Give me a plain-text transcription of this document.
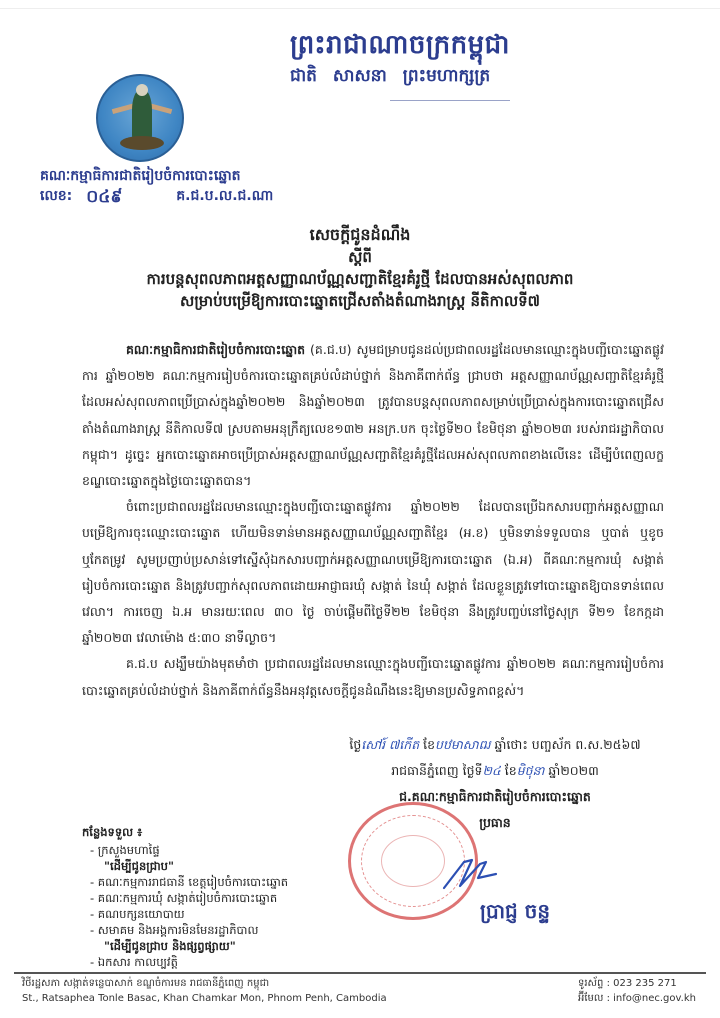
ព្រះរាជាណាចក្រកម្ពុជា
ជាតិ សាសនា ព្រះមហាក្សត្រ
គណៈកម្មាធិការជាតិរៀបចំការបោះឆ្នោត
លេខ: ០៤៩	គ.ជ.ប.ល.ជ.ណា
សេចក្តីជូនដំណឹង
ស្តីពី
ការបន្តសុពលភាពអត្តសញ្ញាណប័ណ្ណសញ្ជាតិខ្មែរគំរូថ្មី ដែលបានអស់សុពលភាព
សម្រាប់បម្រើឱ្យការបោះឆ្នោតជ្រើសតាំងតំណាងរាស្ត្រ នីតិកាលទី៧

គណៈកម្មាធិការជាតិរៀបចំការបោះឆ្នោត (គ.ជ.ប) សូមជម្រាបជូនដល់ប្រជាពលរដ្ឋដែលមានឈ្មោះក្នុងបញ្ជីបោះឆ្នោតផ្លូវការ ឆ្នាំ២០២២ គណៈកម្មការរៀបចំការបោះឆ្នោតគ្រប់លំដាប់ថ្នាក់ និងភាគីពាក់ព័ន្ធ ជ្រាបថា អត្តសញ្ញាណប័ណ្ណសញ្ជាតិខ្មែរគំរូថ្មី ដែលអស់សុពលភាពប្រើប្រាស់ក្នុងឆ្នាំ២០២២ និងឆ្នាំ២០២៣ ត្រូវបានបន្តសុពលភាពសម្រាប់ប្រើប្រាស់ក្នុងការបោះឆ្នោតជ្រើសតាំងតំណាងរាស្ត្រ នីតិកាលទី៧ ស្របតាមអនុក្រឹត្យលេខ១៣២ អនក្រ.បក ចុះថ្ងៃទី២០ ខែមិថុនា ឆ្នាំ២០២៣ របស់រាជរដ្ឋាភិបាលកម្ពុជា។ ដូច្នេះ អ្នកបោះឆ្នោតអាចប្រើប្រាស់អត្តសញ្ញាណប័ណ្ណសញ្ជាតិខ្មែរគំរូថ្មីដែលអស់សុពលភាពខាងលើនេះ ដើម្បីបំពេញលក្ខខណ្ឌបោះឆ្នោតក្នុងថ្ងៃបោះឆ្នោតបាន។

ចំពោះប្រជាពលរដ្ឋដែលមានឈ្មោះក្នុងបញ្ជីបោះឆ្នោតផ្លូវការ ឆ្នាំ២០២២ ដែលបានប្រើឯកសារបញ្ជាក់អត្តសញ្ញាណបម្រើឱ្យការចុះឈ្មោះបោះឆ្នោត ហើយមិនទាន់មានអត្តសញ្ញាណប័ណ្ណសញ្ជាតិខ្មែរ (អ.ខ) ឬមិនទាន់ទទួលបាន ឬបាត់ ឬខូច ឬកែតម្រូវ សូមប្រញាប់ប្រសាន់ទៅស្នើសុំឯកសារបញ្ជាក់អត្តសញ្ញាណបម្រើឱ្យការបោះឆ្នោត (ឯ.អ) ពីគណៈកម្មការឃុំ សង្កាត់រៀបចំការបោះឆ្នោត និងត្រូវបញ្ជាក់សុពលភាពដោយអាជ្ញាធរឃុំ សង្កាត់ នៃឃុំ សង្កាត់ ដែលខ្លួនត្រូវទៅបោះឆ្នោតឱ្យបានទាន់ពេលវេលា។ ការចេញ ឯ.អ មានរយៈពេល ៣០ ថ្ងៃ ចាប់ផ្តើមពីថ្ងៃទី២២ ខែមិថុនា នឹងត្រូវបញ្ចប់នៅថ្ងៃសុក្រ ទី២១ ខែកក្កដា ឆ្នាំ២០២៣ វេលាម៉ោង ៥:៣០ នាទីល្ងាច។

គ.ជ.ប សង្ឃឹមយ៉ាងមុតមាំថា ប្រជាពលរដ្ឋដែលមានឈ្មោះក្នុងបញ្ជីបោះឆ្នោតផ្លូវការ ឆ្នាំ២០២២ គណៈកម្មការរៀបចំការបោះឆ្នោតគ្រប់លំដាប់ថ្នាក់ និងភាគីពាក់ព័ន្ធនឹងអនុវត្តសេចក្តីជូនដំណឹងនេះឱ្យមានប្រសិទ្ធភាពខ្ពស់។

ថ្ងៃសៅរ៍ ៧កើត ខែបឋមាសាឍ ឆ្នាំថោះ បញ្ចស័ក ព.ស.២៥៦៧
រាជធានីភ្នំពេញ ថ្ងៃទី២៤ ខែមិថុនា ឆ្នាំ២០២៣
ជ.គណៈកម្មាធិការជាតិរៀបចំការបោះឆ្នោត
ប្រធាន
ប្រាជ្ញ ចន្ទ
កន្លែងទទួល ៖
- ក្រសួងមហាផ្ទៃ
"ដើម្បីជូនជ្រាប"
- គណៈកម្មការរាជធានី ខេត្តរៀបចំការបោះឆ្នោត
- គណៈកម្មការឃុំ សង្កាត់រៀបចំការបោះឆ្នោត
- គណបក្សនយោបាយ
- សមាគម និងអង្គការមិនមែនរដ្ឋាភិបាល
"ដើម្បីជូនជ្រាប និងផ្សព្វផ្សាយ"
- ឯកសារ កាលប្បវត្តិ
វិថីរដ្ឋសភា សង្កាត់ទន្លេបាសាក់ ខណ្ឌចំការមន រាជធានីភ្នំពេញ កម្ពុជា
St., Ratsaphea Tonle Basac, Khan Chamkar Mon, Phnom Penh, Cambodia
ទូរស័ព្ទ : 023 235 271
អ៊ីមែល : info@nec.gov.kh
